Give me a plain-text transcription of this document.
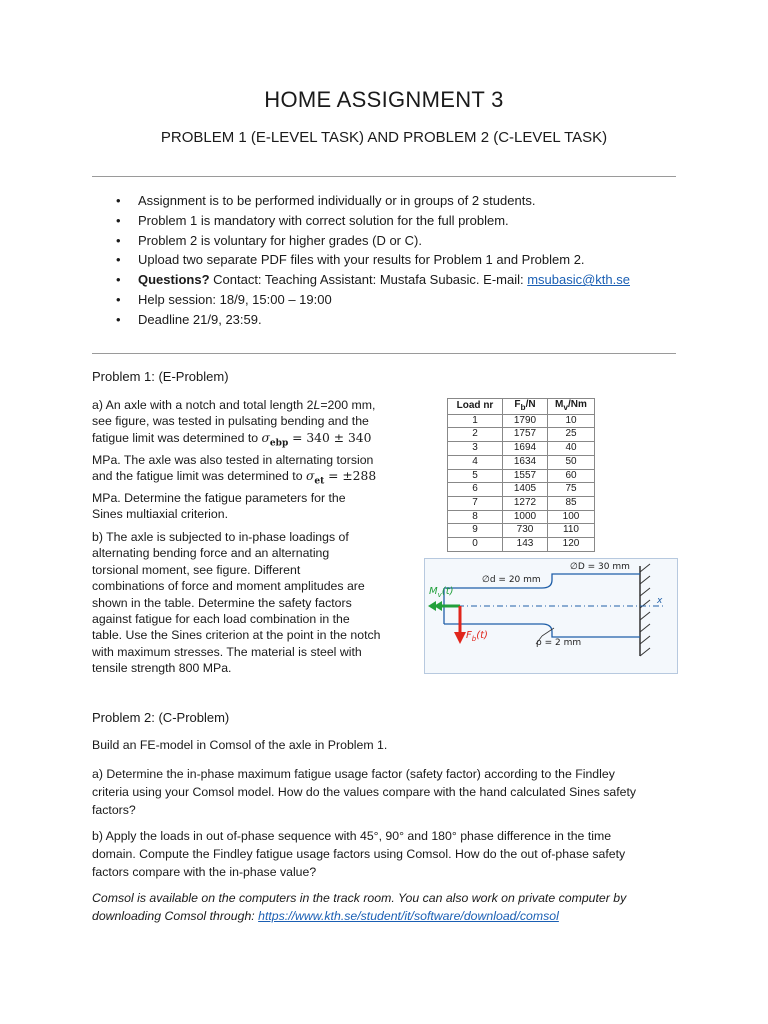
HOME ASSIGNMENT 3
PROBLEM 1 (E-LEVEL TASK) AND PROBLEM 2 (C-LEVEL TASK)
• Assignment is to be performed individually or in groups of 2 students.
• Problem 1 is mandatory with correct solution for the full problem.
• Problem 2 is voluntary for higher grades (D or C).
• Upload two separate PDF files with your results for Problem 1 and Problem 2.
• Questions? Contact: Teaching Assistant: Mustafa Subasic. E-mail: msubasic@kth.se
• Help session: 18/9, 15:00 – 19:00
• Deadline 21/9, 23:59.
Problem 1: (E-Problem)

a) An axle with a notch and total length 2L=200 mm,

see figure, was tested in pulsating bending and the

fatigue limit was determined to $\sigma_{ebp} = 340 \pm 340$

MPa. The axle was also tested in alternating torsion

and the fatigue limit was determined to $\sigma_{et} = \pm 288$

MPa. Determine the fatigue parameters for the

Sines multiaxial criterion.

b) The axle is subjected to in-phase loadings of

alternating bending force and an alternating

torsional moment, see figure. Different

combinations of force and moment amplitudes are

shown in the table. Determine the safety factors

against fatigue for each load combination in the

table. Use the Sines criterion at the point in the notch

with maximum stresses. The material is steel with

tensile strength 800 MPa.

Load nr	$F_b/N$	$M_v/Nm$
1	1790	10
2	1757	25
3	1694	40
4	1634	50
5	1557	60
6	1405	75
7	1272	85
8	1000	100
9	730	110
0	143	120
∅d = 20 mm
∅D = 30 mm
ρ = 2 mm
$M_v(t)$
$F_b(t)$
x
Problem 2: (C-Problem)
Build an FE-model in Comsol of the axle in Problem 1.

a) Determine the in-phase maximum fatigue usage factor (safety factor) according to the Findley

criteria using your Comsol model. How do the values compare with the hand calculated Sines safety

factors?

b) Apply the loads in out of-phase sequence with 45°, 90° and 180° phase difference in the time

domain. Compute the Findley fatigue usage factors using Comsol. How do the out of-phase safety

factors compare with the in-phase value?

Comsol is available on the computers in the track room. You can also work on private computer by
downloading Comsol through: https://www.kth.se/student/it/software/download/comsol
